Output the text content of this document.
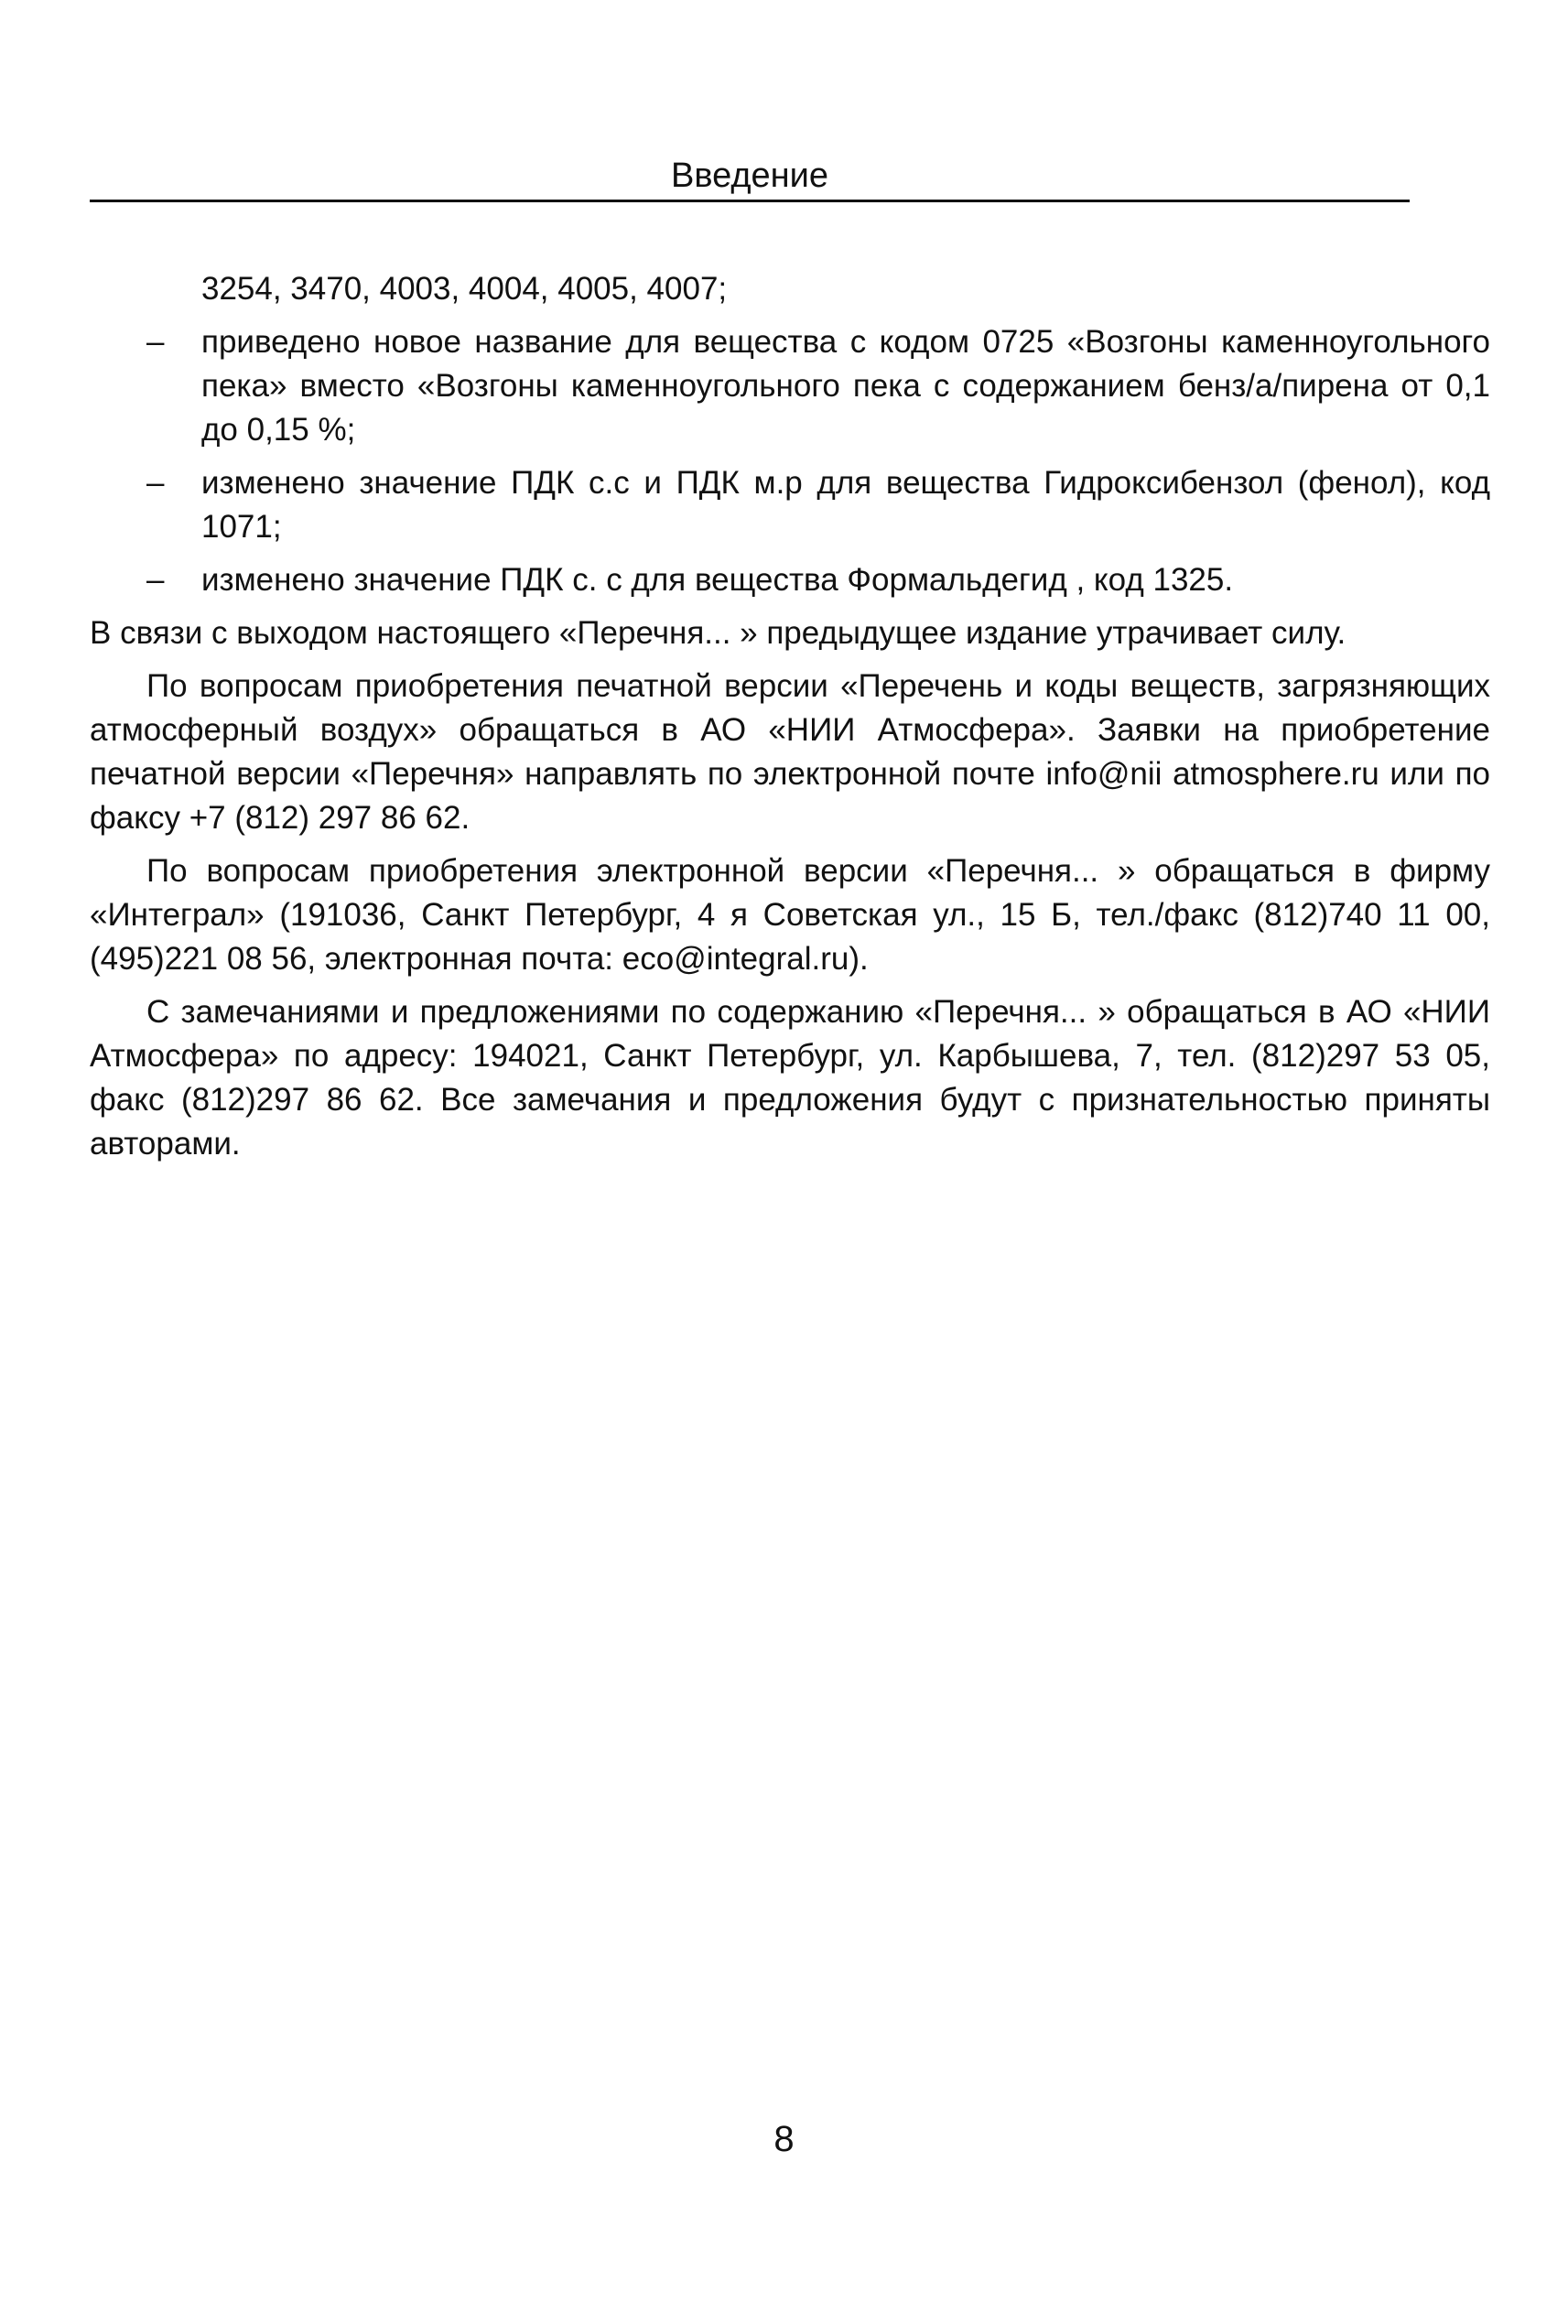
Введение

3254, 3470, 4003, 4004, 4005, 4007;

– приведено новое название для вещества с кодом 0725 «Возгоны каменноугольного пека» вместо «Возгоны каменноугольного пека с содержанием бенз/а/пирена от 0,1 до 0,15 %;
– изменено значение ПДК с.с и ПДК м.р для вещества Гидроксибензол (фенол), код 1071;
– изменено значение ПДК с. с для вещества Формальдегид , код 1325.

В связи с выходом настоящего «Перечня... » предыдущее издание утрачивает силу.

По вопросам приобретения печатной версии «Перечень и коды веществ, загрязняющих атмосферный воздух» обращаться в АО «НИИ Атмосфера». Заявки на приобретение печатной версии «Перечня» направлять по электронной почте info@nii atmosphere.ru или по факсу +7 (812) 297 86 62.

По вопросам приобретения электронной версии «Перечня... » обращаться в фирму «Интеграл» (191036, Санкт Петербург, 4 я Советская ул., 15 Б, тел./факс (812)740 11 00, (495)221 08 56, электронная почта: eco@integral.ru).

С замечаниями и предложениями по содержанию «Перечня... » обращаться в АО «НИИ Атмосфера» по адресу: 194021, Санкт Петербург, ул. Карбышева, 7, тел. (812)297 53 05, факс (812)297 86 62. Все замечания и предложения будут с признательностью приняты авторами.

8
